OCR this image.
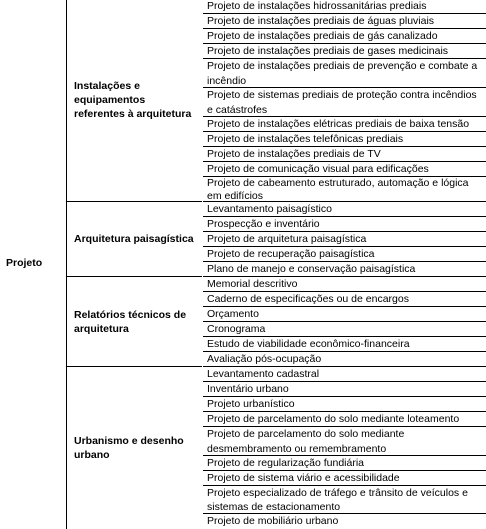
Projeto
Instalações e equipamentos referentes à arquitetura
Arquitetura paisagística
Relatórios técnicos de arquitetura
Urbanismo e desenho urbano
Projeto de instalações hidrossanitárias prediais
Projeto de instalações prediais de águas pluviais
Projeto de instalações prediais de gás canalizado
Projeto de instalações prediais de gases medicinais
Projeto de instalações prediais de prevenção e combate a incêndio
Projeto de sistemas prediais de proteção contra incêndios e catástrofes
Projeto de instalações elétricas prediais de baixa tensão
Projeto de instalações telefônicas prediais
Projeto de instalações prediais de TV
Projeto de comunicação visual para edificações
Projeto de cabeamento estruturado, automação e lógica em edifícios
Levantamento paisagístico
Prospecção e inventário
Projeto de arquitetura paisagística
Projeto de recuperação paisagística
Plano de manejo e conservação paisagística
Memorial descritivo
Caderno de especificações ou de encargos
Orçamento
Cronograma
Estudo de viabilidade econômico-financeira
Avaliação pós-ocupação
Levantamento cadastral
Inventário urbano
Projeto urbanístico
Projeto de parcelamento do solo mediante loteamento
Projeto de parcelamento do solo mediante desmembramento ou remembramento
Projeto de regularização fundiária
Projeto de sistema viário e acessibilidade
Projeto especializado de tráfego e trânsito de veículos e sistemas de estacionamento
Projeto de mobiliário urbano
